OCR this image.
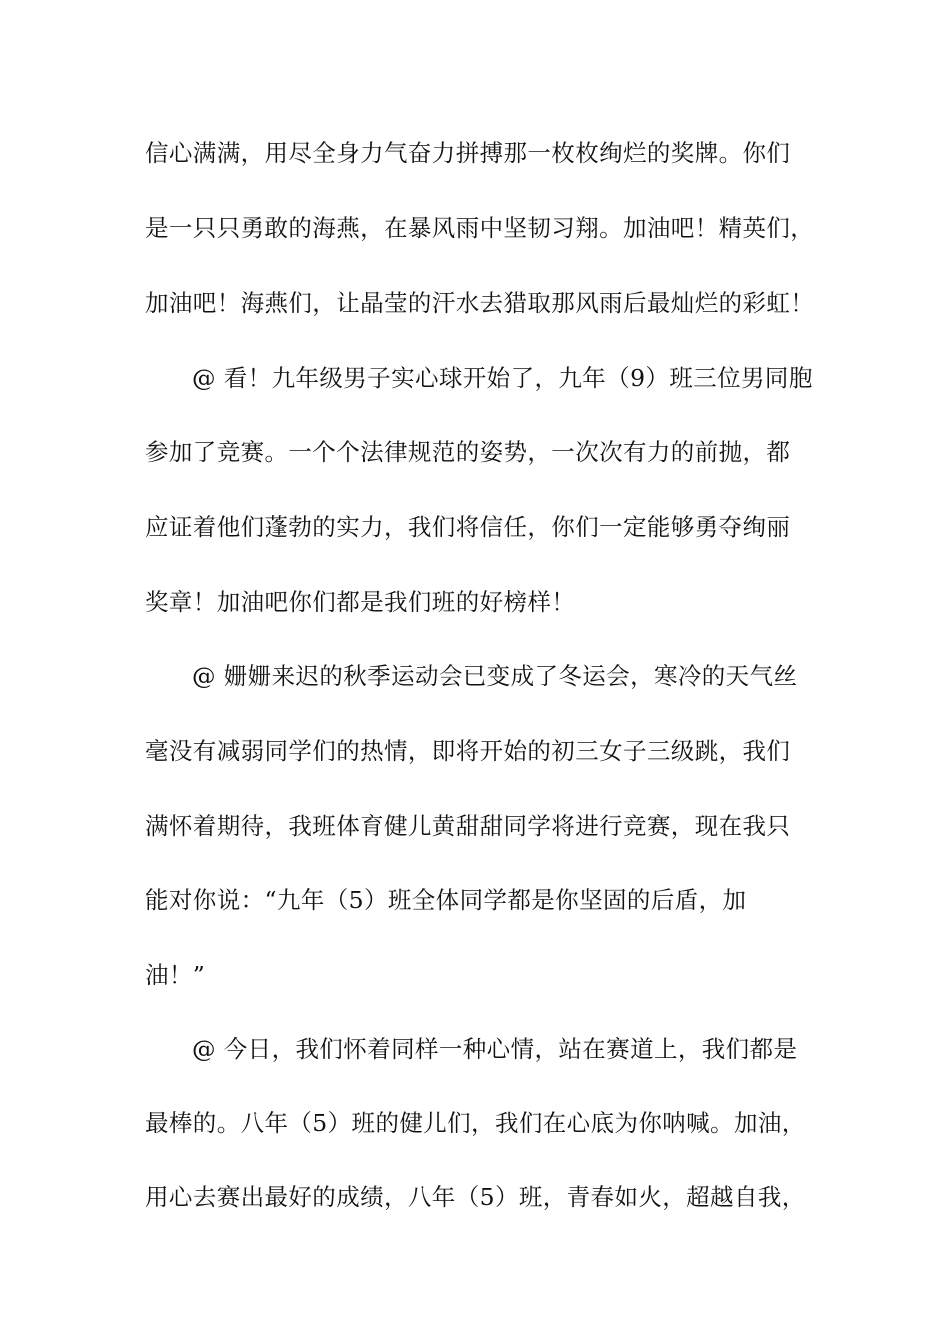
信心满满，用尽全身力气奋力拼搏那一枚枚绚烂的奖牌。你们
是一只只勇敢的海燕，在暴风雨中坚韧习翔。加油吧！精英们，
加油吧！海燕们，让晶莹的汗水去猎取那风雨后最灿烂的彩虹！
@ 看！九年级男子实心球开始了，九年（9）班三位男同胞
参加了竞赛。一个个法律规范的姿势，一次次有力的前抛，都
应证着他们蓬勃的实力，我们将信任，你们一定能够勇夺绚丽
奖章！加油吧你们都是我们班的好榜样！
@ 姗姗来迟的秋季运动会已变成了冬运会，寒冷的天气丝
毫没有减弱同学们的热情，即将开始的初三女子三级跳，我们
满怀着期待，我班体育健儿黄甜甜同学将进行竞赛，现在我只
能对你说：“九年（5）班全体同学都是你坚固的后盾，加
油！”
@ 今日，我们怀着同样一种心情，站在赛道上，我们都是
最棒的。八年（5）班的健儿们，我们在心底为你呐喊。加油，
用心去赛出最好的成绩，八年（5）班，青春如火，超越自我，
